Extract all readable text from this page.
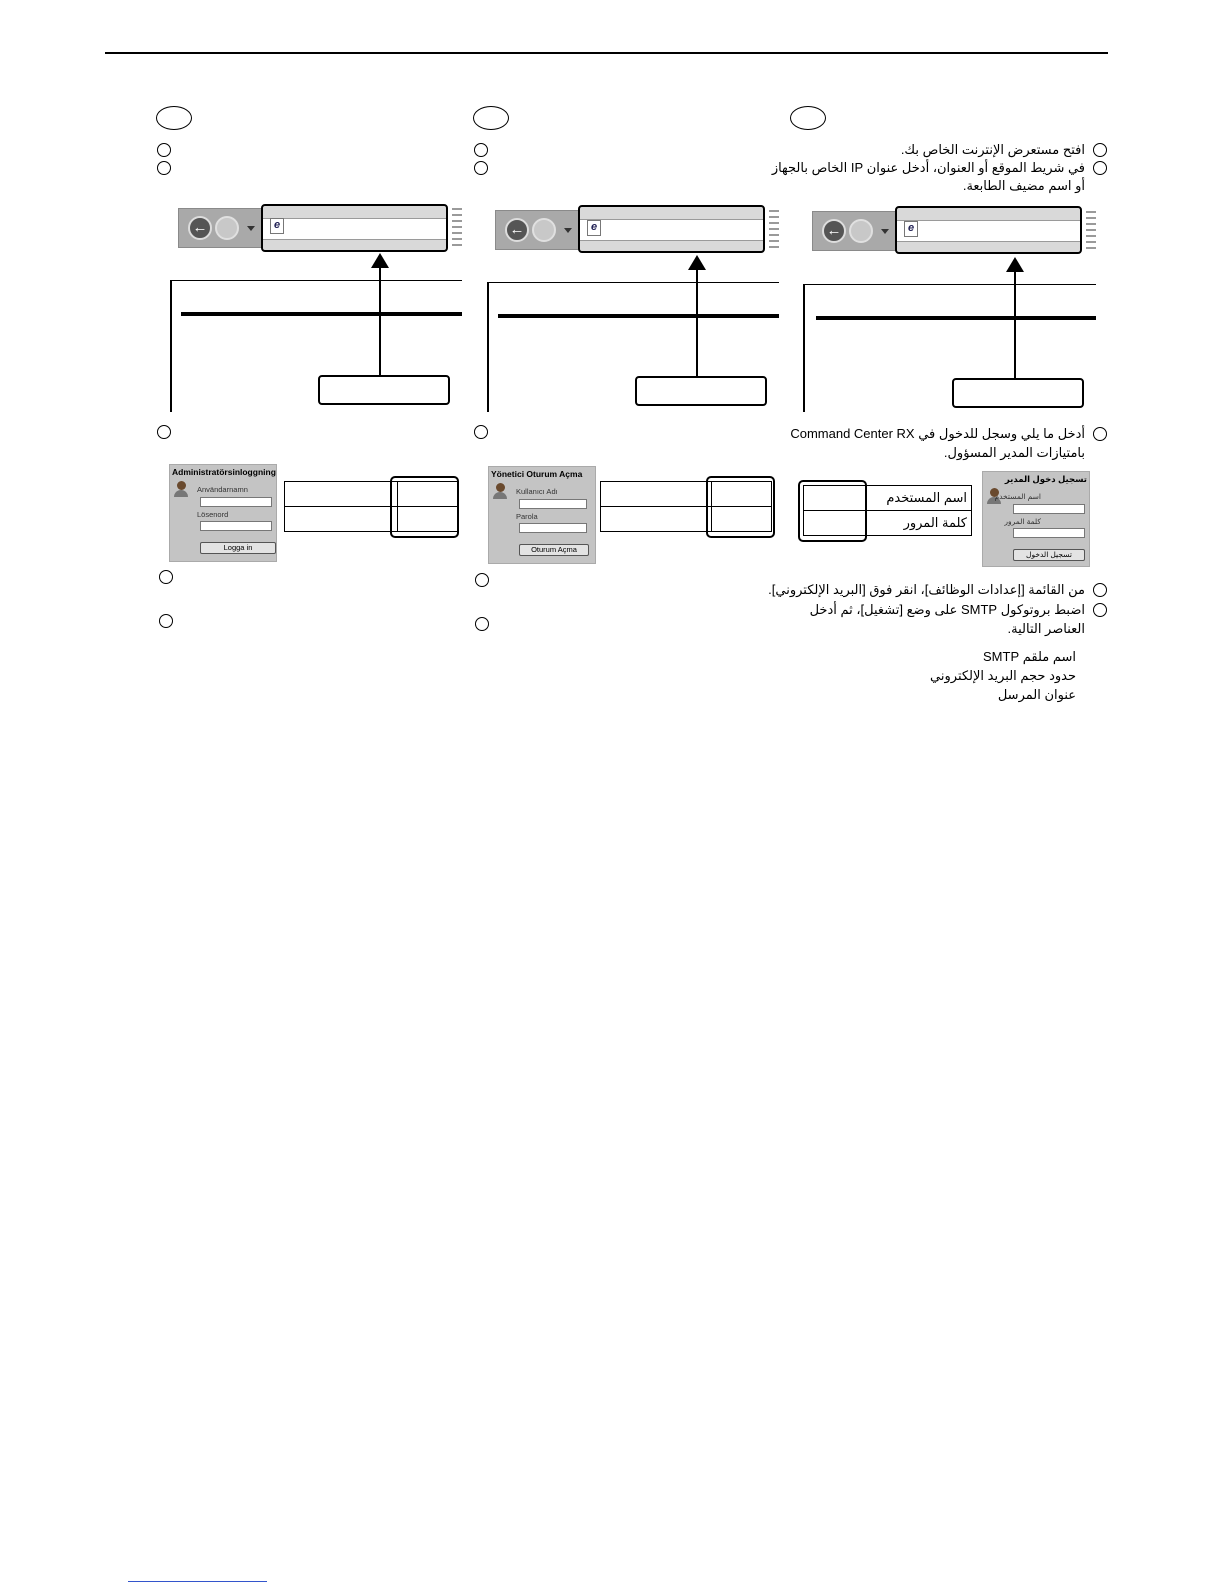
←	e
Administratörsinloggning
Användarnamn
Lösenord
Logga in

←	e
Yönetici Oturum Açma
Kullanıcı Adı
Parola
Oturum Açma

افتح مستعرض الإنترنت الخاص بك.
في شريط الموقع أو العنوان، أدخل عنوان IP الخاص بالجهاز
أو اسم مضيف الطابعة.
←	e
أدخل ما يلي وسجل للدخول في Command Center RX
بامتيازات المدير المسؤول.
اسم المستخدم	
كلمة المرور	
تسجيل دخول المدير
اسم المستخدم
كلمة المرور
تسجيل الدخول
من القائمة [إعدادات الوظائف]، انقر فوق [البريد الإلكتروني].
اضبط بروتوكول SMTP على وضع [تشغيل]، ثم أدخل
العناصر التالية.
اسم ملقم SMTP
حدود حجم البريد الإلكتروني
عنوان المرسل
